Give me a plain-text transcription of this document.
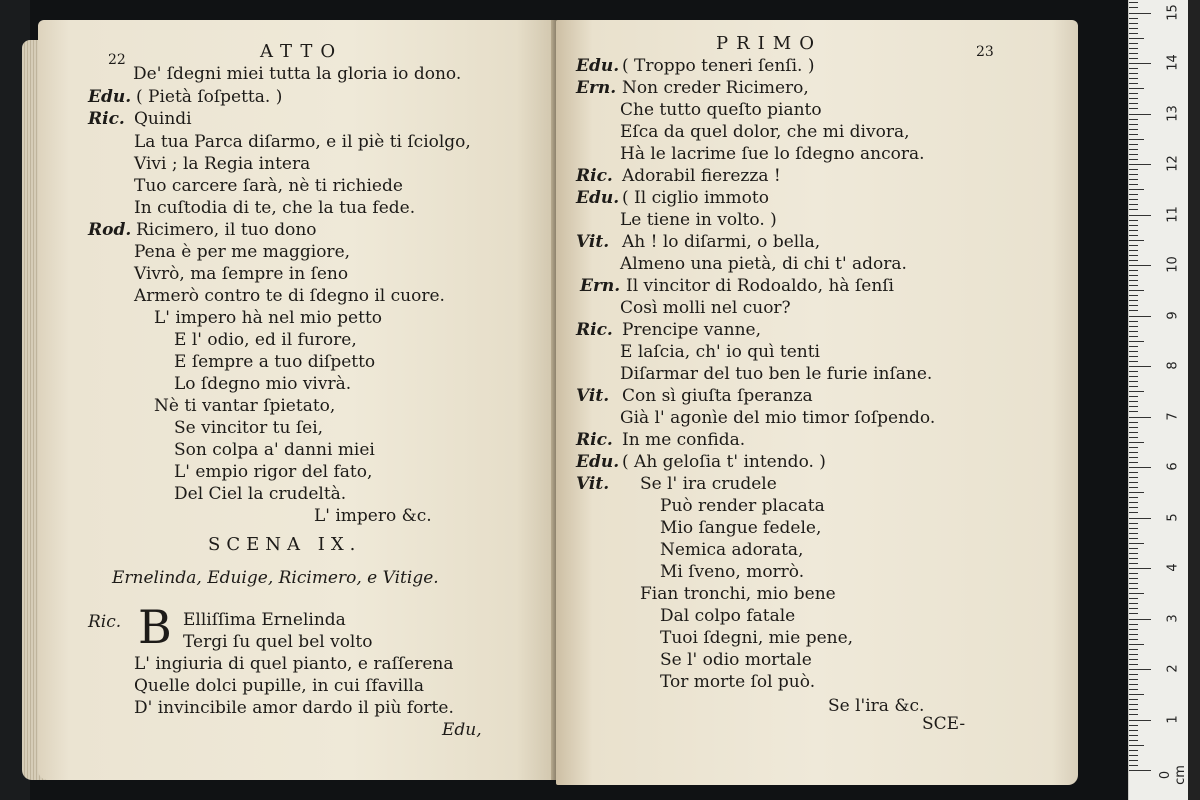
22	ATTO
De' ſdegni miei tutta la gloria io dono.
Edu. ( Pietà ſoſpetta. )
Ric. Quindi
La tua Parca diſarmo, e il piè ti ſciolgo,
Vivi ; la Regia intera
Tuo carcere ſarà, nè ti richiede
In cuſtodia di te, che la tua fede.
Rod. Ricimero, il tuo dono
Pena è per me maggiore,
Vivrò, ma ſempre in ſeno
Armerò contro te di ſdegno il cuore.
L' impero hà nel mio petto
E l' odio, ed il furore,
E ſempre a tuo diſpetto
Lo ſdegno mio vivrà.
Nè ti vantar ſpietato,
Se vincitor tu ſei,
Son colpa a' danni miei
L' empio rigor del fato,
Del Ciel la crudeltà.
L' impero &c.
SCENA IX.
Ernelinda, Eduige, Ricimero, e Vitige.
Ric. B Elliſſima Ernelinda
Tergi ſu quel bel volto
L' ingiuria di quel pianto, e raſſerena
Quelle dolci pupille, in cui ſfavilla
D' invincibile amor dardo il più forte.
Edu,
PRIMO	23
Edu. ( Troppo teneri ſenſi. )
Ern. Non creder Ricimero,
Che tutto queſto pianto
Eſca da quel dolor, che mi divora,
Hà le lacrime ſue lo ſdegno ancora.
Ric. Adorabil fierezza !
Edu. ( Il ciglio immoto
Le tiene in volto. )
Vit. Ah ! lo diſarmi, o bella,
Almeno una pietà, di chi t' adora.
Ern. Il vincitor di Rodoaldo, hà ſenſi
Così molli nel cuor?
Ric. Prencipe vanne,
E laſcia, ch' io quì tenti
Diſarmar del tuo ben le furie inſane.
Vit. Con sì giuſta ſperanza
Già l' agonìe del mio timor ſoſpendo.
Ric. In me confida.
Edu. ( Ah geloſia t' intendo. )
Vit. Se l' ira crudele
Può render placata
Mio ſangue fedele,
Nemica adorata,
Mi ſveno, morrò.
Fian tronchi, mio bene
Dal colpo fatale
Tuoi ſdegni, mie pene,
Se l' odio mortale
Tor morte ſol può.
Se l'ira &c.
SCE-
0 cm
1
2
3
4
5
6
7
8
9
10
11
12
13
14
15
